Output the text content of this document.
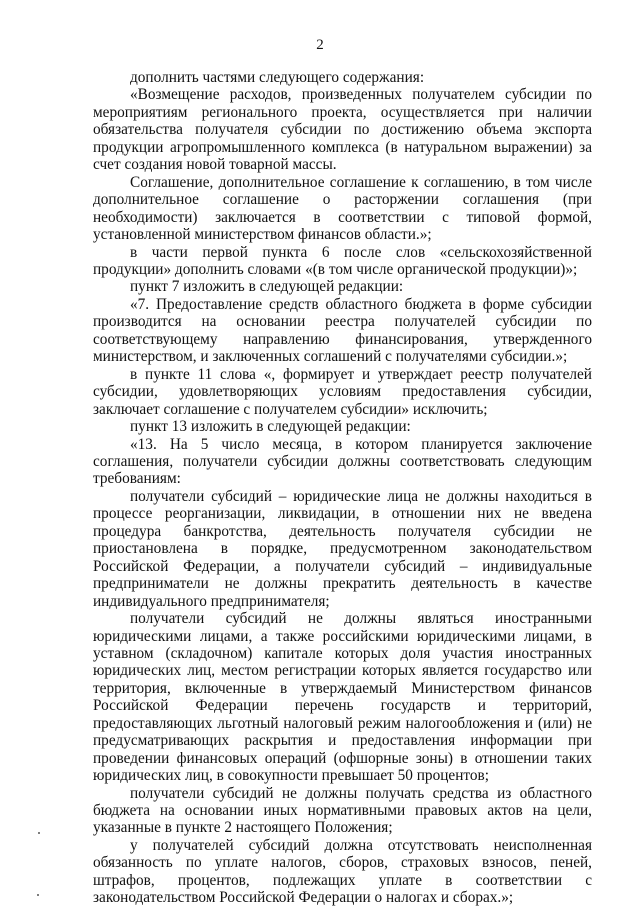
2

дополнить частями следующего содержания:

«Возмещение расходов, произведенных получателем субсидии по мероприятиям регионального проекта, осуществляется при наличии обязательства получателя субсидии по достижению объема экспорта продукции агропромышленного комплекса (в натуральном выражении) за счет создания новой товарной массы.

Соглашение, дополнительное соглашение к соглашению, в том числе дополнительное соглашение о расторжении соглашения (при необходимости) заключается в соответствии с типовой формой, установленной министерством финансов области.»;

в части первой пункта 6 после слов «сельскохозяйственной продукции» дополнить словами «(в том числе органической продукции)»;

пункт 7 изложить в следующей редакции:

«7. Предоставление средств областного бюджета в форме субсидии производится на основании реестра получателей субсидии по соответствующему направлению финансирования, утвержденного министерством, и заключенных соглашений с получателями субсидии.»;

в пункте 11 слова «, формирует и утверждает реестр получателей субсидии, удовлетворяющих условиям предоставления субсидии, заключает соглашение с получателем субсидии» исключить;

пункт 13 изложить в следующей редакции:

«13. На 5 число месяца, в котором планируется заключение соглашения, получатели субсидии должны соответствовать следующим требованиям:

получатели субсидий – юридические лица не должны находиться в процессе реорганизации, ликвидации, в отношении них не введена процедура банкротства, деятельность получателя субсидии не приостановлена в порядке, предусмотренном законодательством Российской Федерации, а получатели субсидий – индивидуальные предприниматели не должны прекратить деятельность в качестве индивидуального предпринимателя;

получатели субсидий не должны являться иностранными юридическими лицами, а также российскими юридическими лицами, в уставном (складочном) капитале которых доля участия иностранных юридических лиц, местом регистрации которых является государство или территория, включенные в утверждаемый Министерством финансов Российской Федерации перечень государств и территорий, предоставляющих льготный налоговый режим налогообложения и (или) не предусматривающих раскрытия и предоставления информации при проведении финансовых операций (офшорные зоны) в отношении таких юридических лиц, в совокупности превышает 50 процентов;

получатели субсидий не должны получать средства из областного бюджета на основании иных нормативными правовых актов на цели, указанные в пункте 2 настоящего Положения;

у получателей субсидий должна отсутствовать неисполненная обязанность по уплате налогов, сборов, страховых взносов, пеней, штрафов, процентов, подлежащих уплате в соответствии с законодательством Российской Федерации о налогах и сборах.»;
